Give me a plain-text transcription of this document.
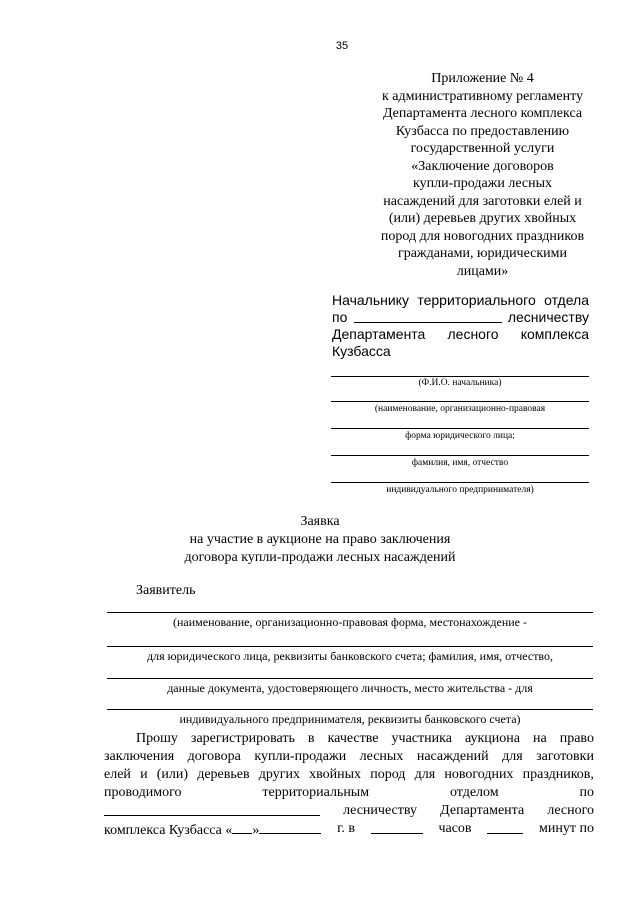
35
Приложение № 4
к административному регламенту
Департамента лесного комплекса
Кузбасса по предоставлению
государственной услуги
«Заключение договоров
купли-продажи лесных
насаждений для заготовки елей и
(или) деревьев других хвойных
пород для новогодних праздников
гражданами, юридическими
лицами»
Начальнику территориального отдела
по	лесничеству
Департамента лесного комплекса
Кузбасса
(Ф.И.О. начальника)
(наименование, организационно-правовая
форма юридического лица;
фамилия, имя, отчество
индивидуального предпринимателя)
Заявка
на участие в аукционе на право заключения
договора купли-продажи лесных насаждений
Заявитель
(наименование, организационно-правовая форма, местонахождение -
для юридического лица, реквизиты банковского счета; фамилия, имя, отчество,
данные документа, удостоверяющего личность, место жительства - для
индивидуального предпринимателя, реквизиты банковского счета)
Прошу зарегистрировать в качестве участника аукциона на право
заключения договора купли-продажи лесных насаждений для заготовки
елей и (или) деревьев других хвойных пород для новогодних праздников,
проводимого	территориальным	отделом	по
лесничеству Департамента лесного
комплекса Кузбасса « »	г. в	часов	минут по
